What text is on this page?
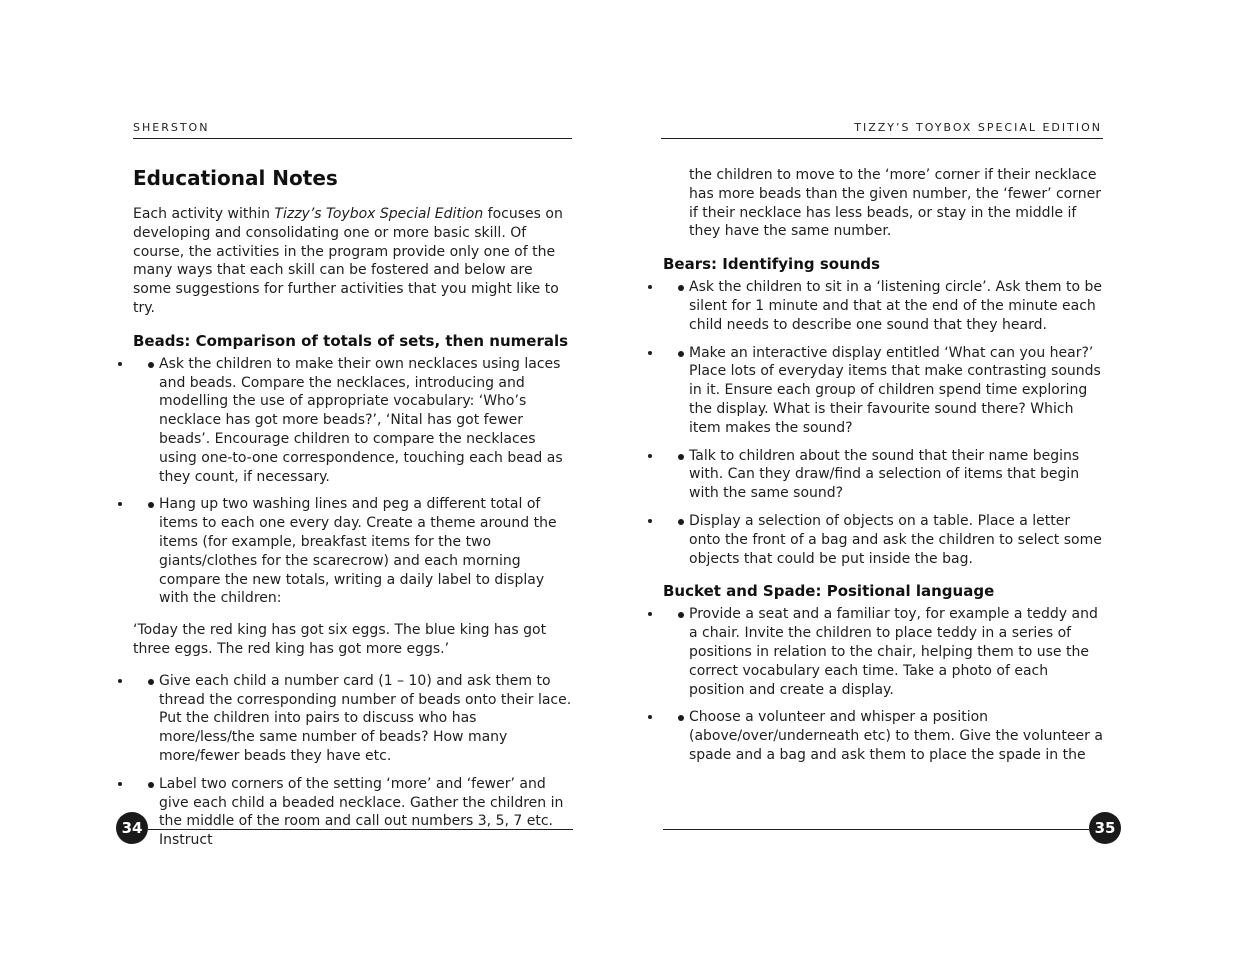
SHERSTON
Educational Notes

Each activity within Tizzy’s Toybox Special Edition focuses on developing and consolidating one or more basic skill. Of course, the activities in the program provide only one of the many ways that each skill can be fostered and below are some suggestions for further activities that you might like to try.

Beads: Comparison of totals of sets, then numerals
• Ask the children to make their own necklaces using laces and beads. Compare the necklaces, introducing and modelling the use of appropriate vocabulary: ‘Who’s necklace has got more beads?’, ‘Nital has got fewer beads’. Encourage children to compare the necklaces using one-to-one correspondence, touching each bead as they count, if necessary.
• Hang up two washing lines and peg a different total of items to each one every day. Create a theme around the items (for example, breakfast items for the two giants/clothes for the scarecrow) and each morning compare the new totals, writing a daily label to display with the children:

‘Today the red king has got six eggs. The blue king has got three eggs. The red king has got more eggs.’

• Give each child a number card (1 – 10) and ask them to thread the corresponding number of beads onto their lace. Put the children into pairs to discuss who has more/less/the same number of beads? How many more/fewer beads they have etc.
• Label two corners of the setting ‘more’ and ‘fewer’ and give each child a beaded necklace. Gather the children in the middle of the room and call out numbers 3, 5, 7 etc. Instruct
34
TIZZY’S TOYBOX SPECIAL EDITION

the children to move to the ‘more’ corner if their necklace has more beads than the given number, the ‘fewer’ corner if their necklace has less beads, or stay in the middle if they have the same number.

Bears: Identifying sounds
• Ask the children to sit in a ‘listening circle’. Ask them to be silent for 1 minute and that at the end of the minute each child needs to describe one sound that they heard.
• Make an interactive display entitled ‘What can you hear?’ Place lots of everyday items that make contrasting sounds in it. Ensure each group of children spend time exploring the display. What is their favourite sound there? Which item makes the sound?
• Talk to children about the sound that their name begins with. Can they draw/find a selection of items that begin with the same sound?
• Display a selection of objects on a table. Place a letter onto the front of a bag and ask the children to select some objects that could be put inside the bag.
Bucket and Spade: Positional language
• Provide a seat and a familiar toy, for example a teddy and a chair. Invite the children to place teddy in a series of positions in relation to the chair, helping them to use the correct vocabulary each time. Take a photo of each position and create a display.
• Choose a volunteer and whisper a position (above/over/underneath etc) to them. Give the volunteer a spade and a bag and ask them to place the spade in the
35
